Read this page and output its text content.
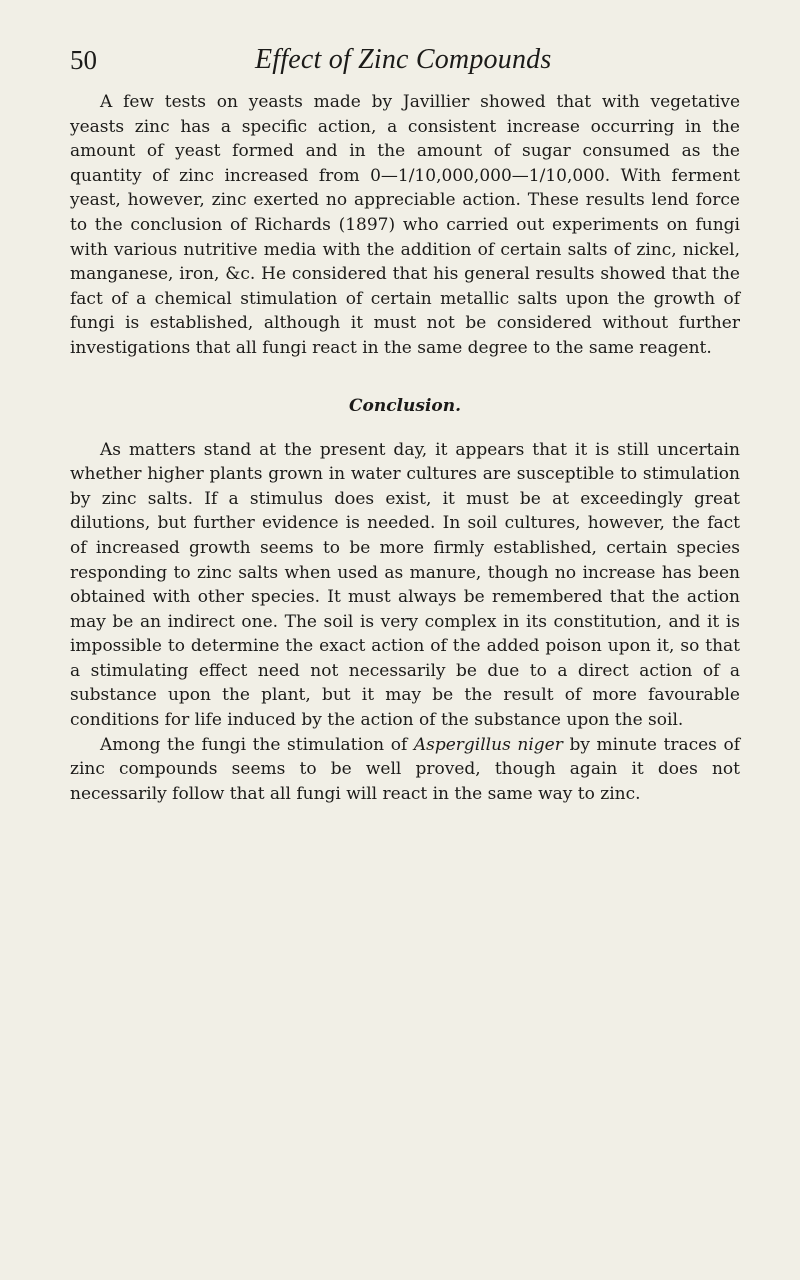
50	Effect of Zinc Compounds

A few tests on yeasts made by Javillier showed that with vegetative yeasts zinc has a specific action, a consistent increase occurring in the amount of yeast formed and in the amount of sugar consumed as the quantity of zinc increased from 0—1/10,000,000—1/10,000. With ferment yeast, however, zinc exerted no appreciable action. These results lend force to the conclusion of Richards (1897) who carried out experiments on fungi with various nutritive media with the addition of certain salts of zinc, nickel, manganese, iron, &c. He considered that his general results showed that the fact of a chemical stimulation of certain metallic salts upon the growth of fungi is established, although it must not be considered without further investigations that all fungi react in the same degree to the same reagent.

Conclusion.

As matters stand at the present day, it appears that it is still uncertain whether higher plants grown in water cultures are susceptible to stimulation by zinc salts. If a stimulus does exist, it must be at exceedingly great dilutions, but further evidence is needed. In soil cultures, however, the fact of increased growth seems to be more firmly established, certain species responding to zinc salts when used as manure, though no increase has been obtained with other species. It must always be remembered that the action may be an indirect one. The soil is very complex in its constitution, and it is impossible to determine the exact action of the added poison upon it, so that a stimulating effect need not necessarily be due to a direct action of a substance upon the plant, but it may be the result of more favourable conditions for life induced by the action of the substance upon the soil.

Among the fungi the stimulation of Aspergillus niger by minute traces of zinc compounds seems to be well proved, though again it does not necessarily follow that all fungi will react in the same way to zinc.
